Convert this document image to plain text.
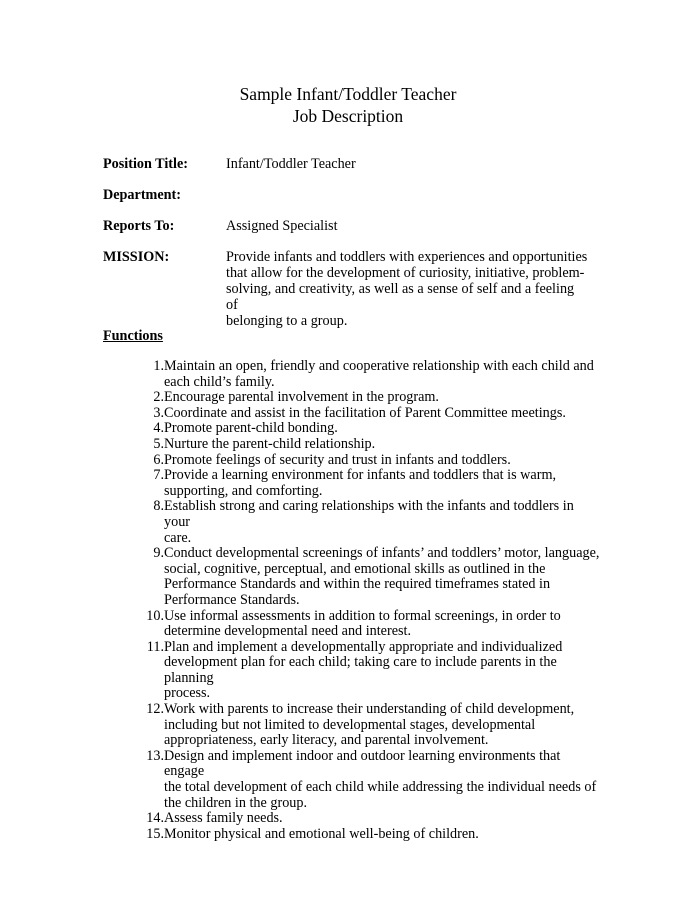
Sample Infant/Toddler Teacher
Job Description
Position Title:	Infant/Toddler Teacher
Department:
Reports To:	Assigned Specialist
MISSION:	Provide infants and toddlers with experiences and opportunities
that allow for the development of curiosity, initiative, problem-
solving, and creativity, as well as a sense of self and a feeling of
belonging to a group.
Functions
1. Maintain an open, friendly and cooperative relationship with each child and
each child’s family.
2. Encourage parental involvement in the program.
3. Coordinate and assist in the facilitation of Parent Committee meetings.
4. Promote parent-child bonding.
5. Nurture the parent-child relationship.
6. Promote feelings of security and trust in infants and toddlers.
7. Provide a learning environment for infants and toddlers that is warm,
supporting, and comforting.
8. Establish strong and caring relationships with the infants and toddlers in your
care.
9. Conduct developmental screenings of infants’ and toddlers’ motor, language,
social, cognitive, perceptual, and emotional skills as outlined in the
Performance Standards and within the required timeframes stated in
Performance Standards.
10. Use informal assessments in addition to formal screenings, in order to
determine developmental need and interest.
11. Plan and implement a developmentally appropriate and individualized
development plan for each child; taking care to include parents in the planning
process.
12. Work with parents to increase their understanding of child development,
including but not limited to developmental stages, developmental
appropriateness, early literacy, and parental involvement.
13. Design and implement indoor and outdoor learning environments that engage
the total development of each child while addressing the individual needs of
the children in the group.
14. Assess family needs.
15. Monitor physical and emotional well-being of children.
